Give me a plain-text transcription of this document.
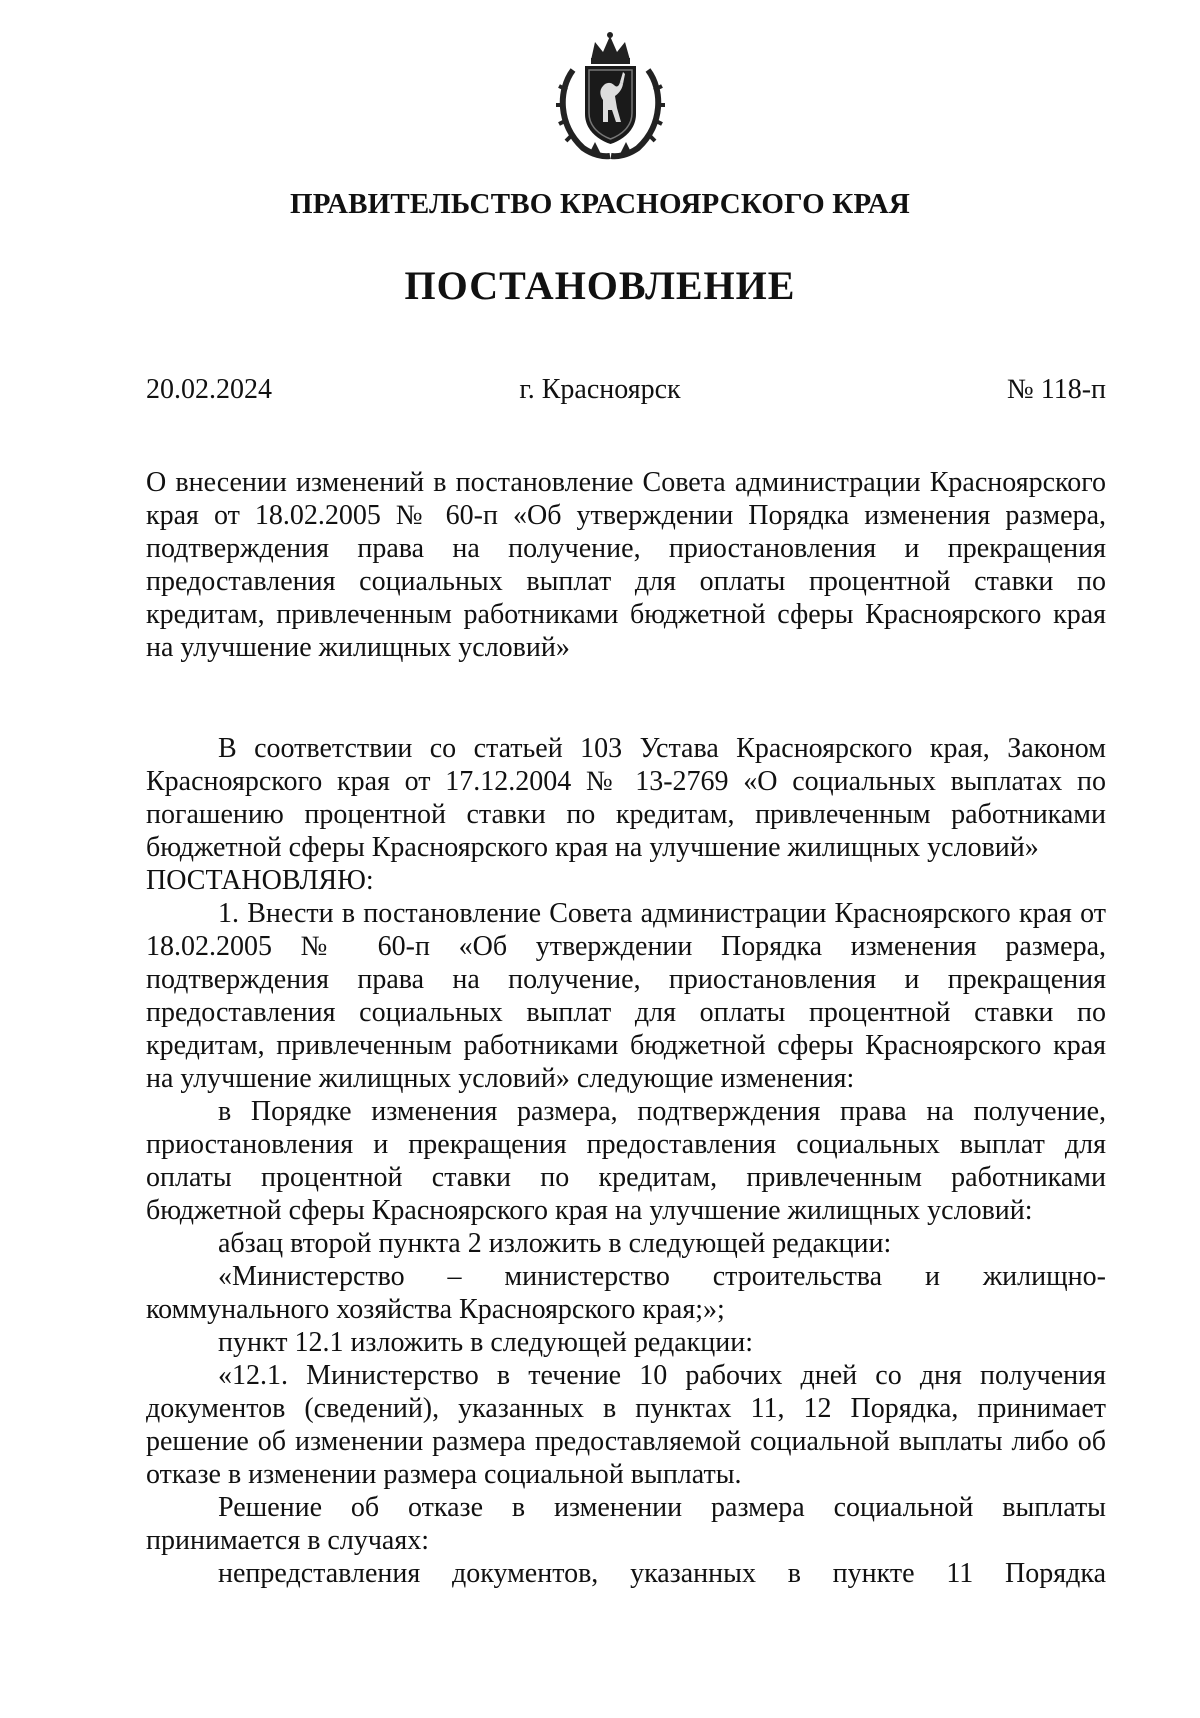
ПРАВИТЕЛЬСТВО КРАСНОЯРСКОГО КРАЯ
ПОСТАНОВЛЕНИЕ
20.02.2024	г. Красноярск	№ 118-п
О внесении изменений в постановление Совета администрации Красноярского края от 18.02.2005 № 60-п «Об утверждении Порядка изменения размера, подтверждения права на получение, приостановления и прекращения предоставления социальных выплат для оплаты процентной ставки по кредитам, привлеченным работниками бюджетной сферы Красноярского края на улучшение жилищных условий»

В соответствии со статьей 103 Устава Красноярского края, Законом Красноярского края от 17.12.2004 № 13-2769 «О социальных выплатах по погашению процентной ставки по кредитам, привлеченным работниками бюджетной сферы Красноярского края на улучшение жилищных условий»

ПОСТАНОВЛЯЮ:

1. Внести в постановление Совета администрации Красноярского края от 18.02.2005 № 60-п «Об утверждении Порядка изменения размера, подтверждения права на получение, приостановления и прекращения предоставления социальных выплат для оплаты процентной ставки по кредитам, привлеченным работниками бюджетной сферы Красноярского края на улучшение жилищных условий» следующие изменения:

в Порядке изменения размера, подтверждения права на получение, приостановления и прекращения предоставления социальных выплат для оплаты процентной ставки по кредитам, привлеченным работниками бюджетной сферы Красноярского края на улучшение жилищных условий:

абзац второй пункта 2 изложить в следующей редакции:

«Министерство – министерство строительства и жилищно-коммунального хозяйства Красноярского края;»;

пункт 12.1 изложить в следующей редакции:

«12.1. Министерство в течение 10 рабочих дней со дня получения документов (сведений), указанных в пунктах 11, 12 Порядка, принимает решение об изменении размера предоставляемой социальной выплаты либо об отказе в изменении размера социальной выплаты.

Решение об отказе в изменении размера социальной выплаты принимается в случаях:

непредставления документов, указанных в пункте 11 Порядка
